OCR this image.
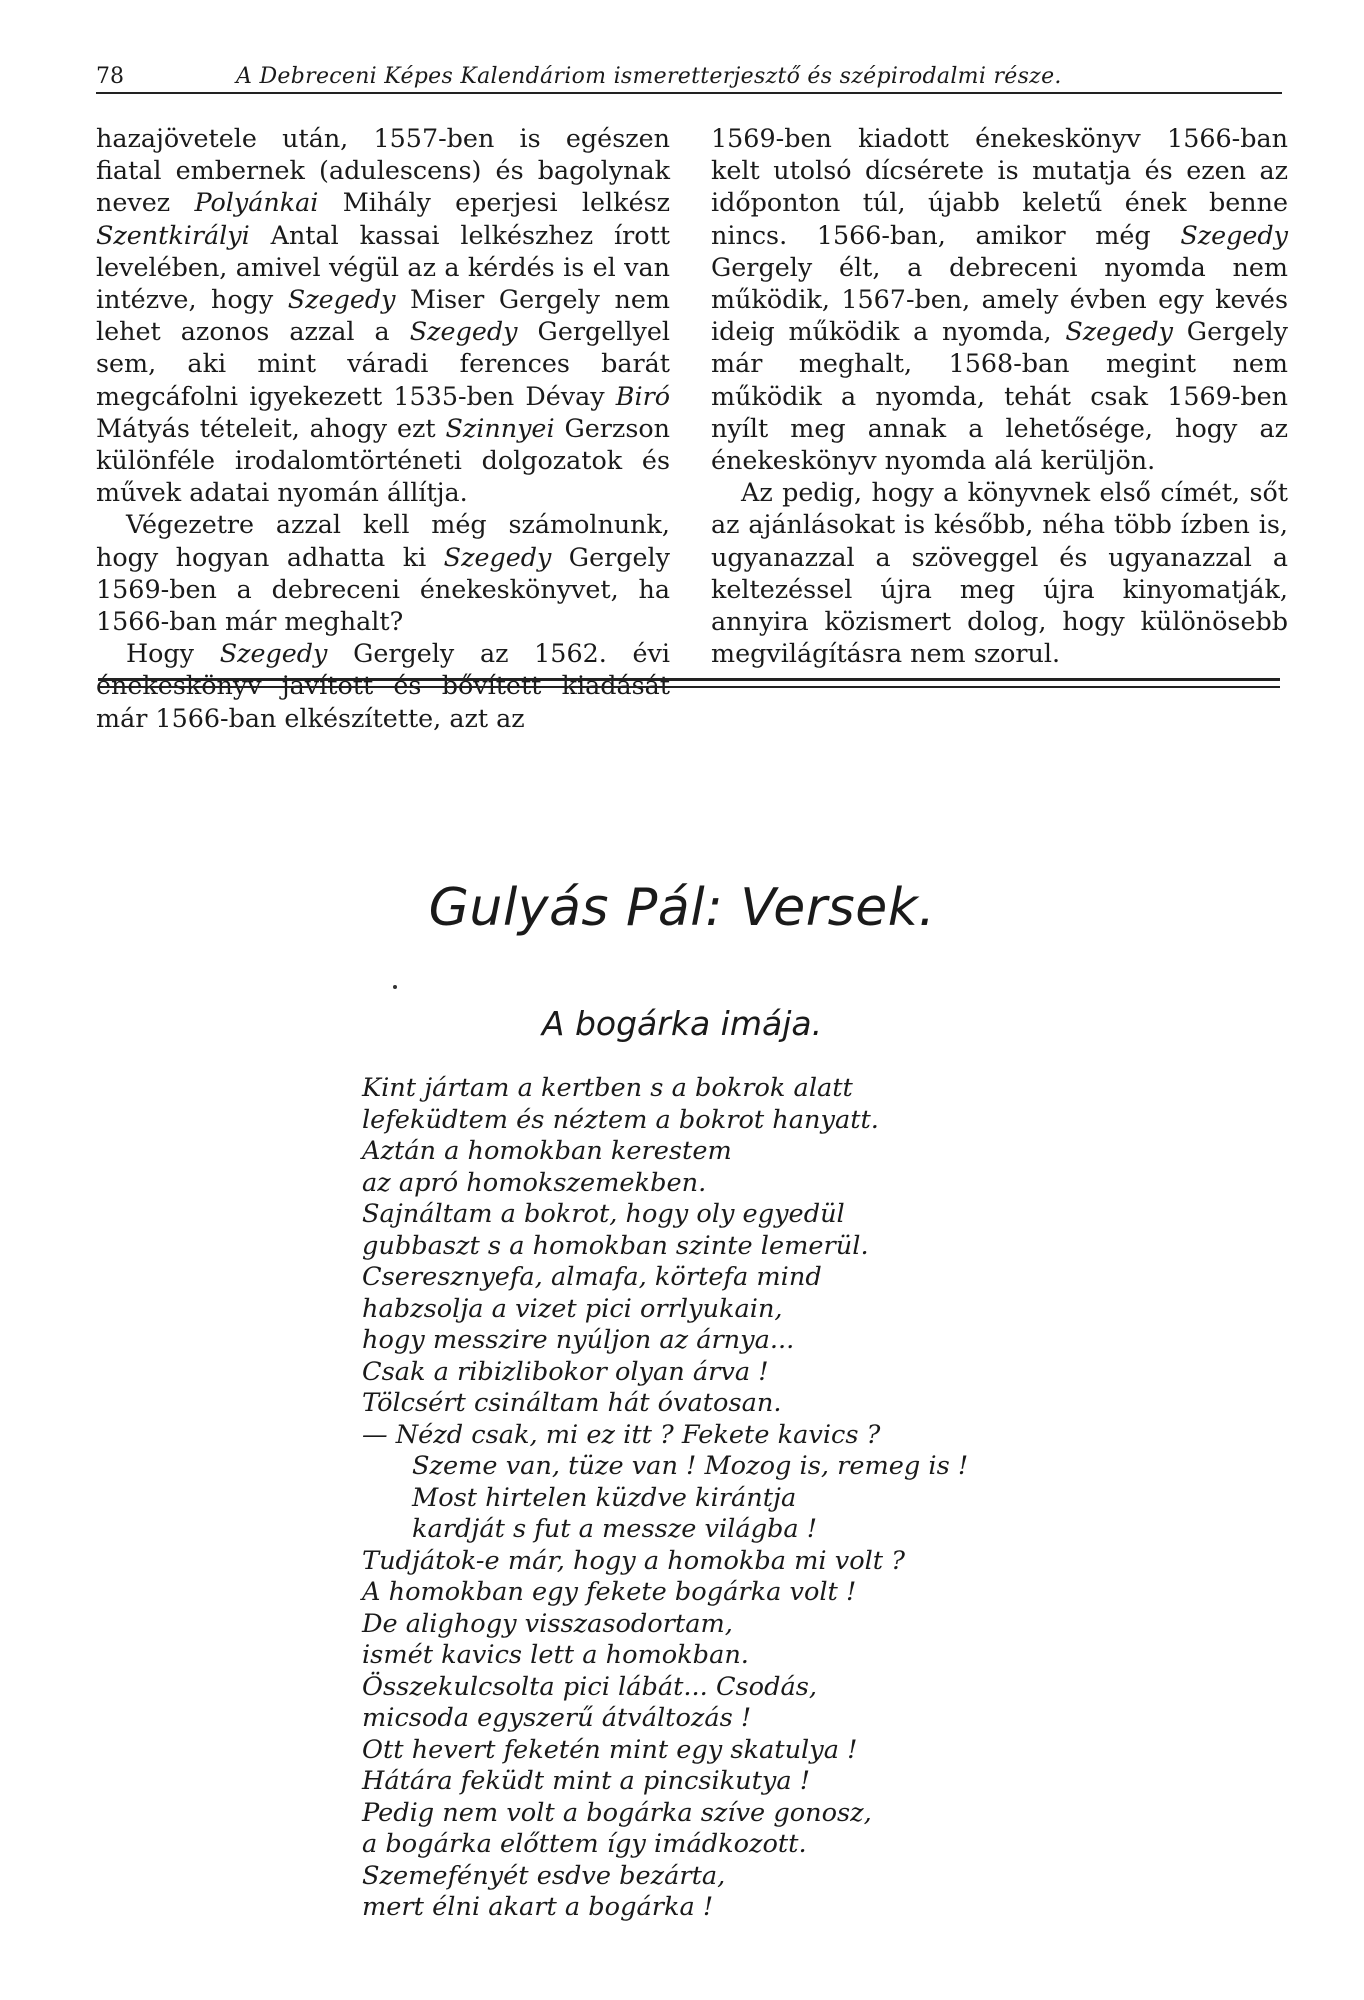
78	A Debreceni Képes Kalendáriom ismeretterjesztő és szépirodalmi része.

hazajövetele után, 1557-ben is egészen fiatal embernek (adulescens) és bagolynak nevez Polyánkai Mihály eperjesi lelkész Szentkirályi Antal kassai lelkészhez írott levelében, amivel végül az a kérdés is el van intézve, hogy Szegedy Miser Gergely nem lehet azonos azzal a Szegedy Gergellyel sem, aki mint váradi ferences barát megcáfolni igyekezett 1535-ben Dévay Biró Mátyás tételeit, ahogy ezt Szinnyei Gerzson különféle irodalomtörténeti dolgozatok és művek adatai nyomán állítja.

Végezetre azzal kell még számolnunk, hogy hogyan adhatta ki Szegedy Gergely 1569-ben a debreceni énekeskönyvet, ha 1566-ban már meghalt?

Hogy Szegedy Gergely az 1562. évi énekeskönyv javított és bővített kiadását már 1566-ban elkészítette, azt az

1569-ben kiadott énekeskönyv 1566-ban kelt utolsó dícsérete is mutatja és ezen az időponton túl, újabb keletű ének benne nincs. 1566-ban, amikor még Szegedy Gergely élt, a debreceni nyomda nem működik, 1567-ben, amely évben egy kevés ideig működik a nyomda, Szegedy Gergely már meghalt, 1568-ban megint nem működik a nyomda, tehát csak 1569-ben nyílt meg annak a lehetősége, hogy az énekeskönyv nyomda alá kerüljön.

Az pedig, hogy a könyvnek első címét, sőt az ajánlásokat is később, néha több ízben is, ugyanazzal a szöveggel és ugyanazzal a keltezéssel újra meg újra kinyomatják, annyira közismert dolog, hogy különösebb megvilágításra nem szorul.

Gulyás Pál: Versek.
A bogárka imája.
Kint jártam a kertben s a bokrok alatt
lefeküdtem és néztem a bokrot hanyatt.
Aztán a homokban kerestem
az apró homokszemekben.
Sajnáltam a bokrot, hogy oly egyedül
gubbaszt s a homokban szinte lemerül.
Cseresznyefa, almafa, körtefa mind
habzsolja a vizet pici orrlyukain,
hogy messzire nyúljon az árnya...
Csak a ribizlibokor olyan árva !
Tölcsért csináltam hát óvatosan.
— Nézd csak, mi ez itt ? Fekete kavics ?
Szeme van, tüze van ! Mozog is, remeg is !
Most hirtelen küzdve kirántja
kardját s fut a messze világba !
Tudjátok-e már, hogy a homokba mi volt ?
A homokban egy fekete bogárka volt !
De alighogy visszasodortam,
ismét kavics lett a homokban.
Összekulcsolta pici lábát... Csodás,
micsoda egyszerű átváltozás !
Ott hevert feketén mint egy skatulya !
Hátára feküdt mint a pincsikutya !
Pedig nem volt a bogárka szíve gonosz,
a bogárka előttem így imádkozott.
Szemefényét esdve bezárta,
mert élni akart a bogárka !
